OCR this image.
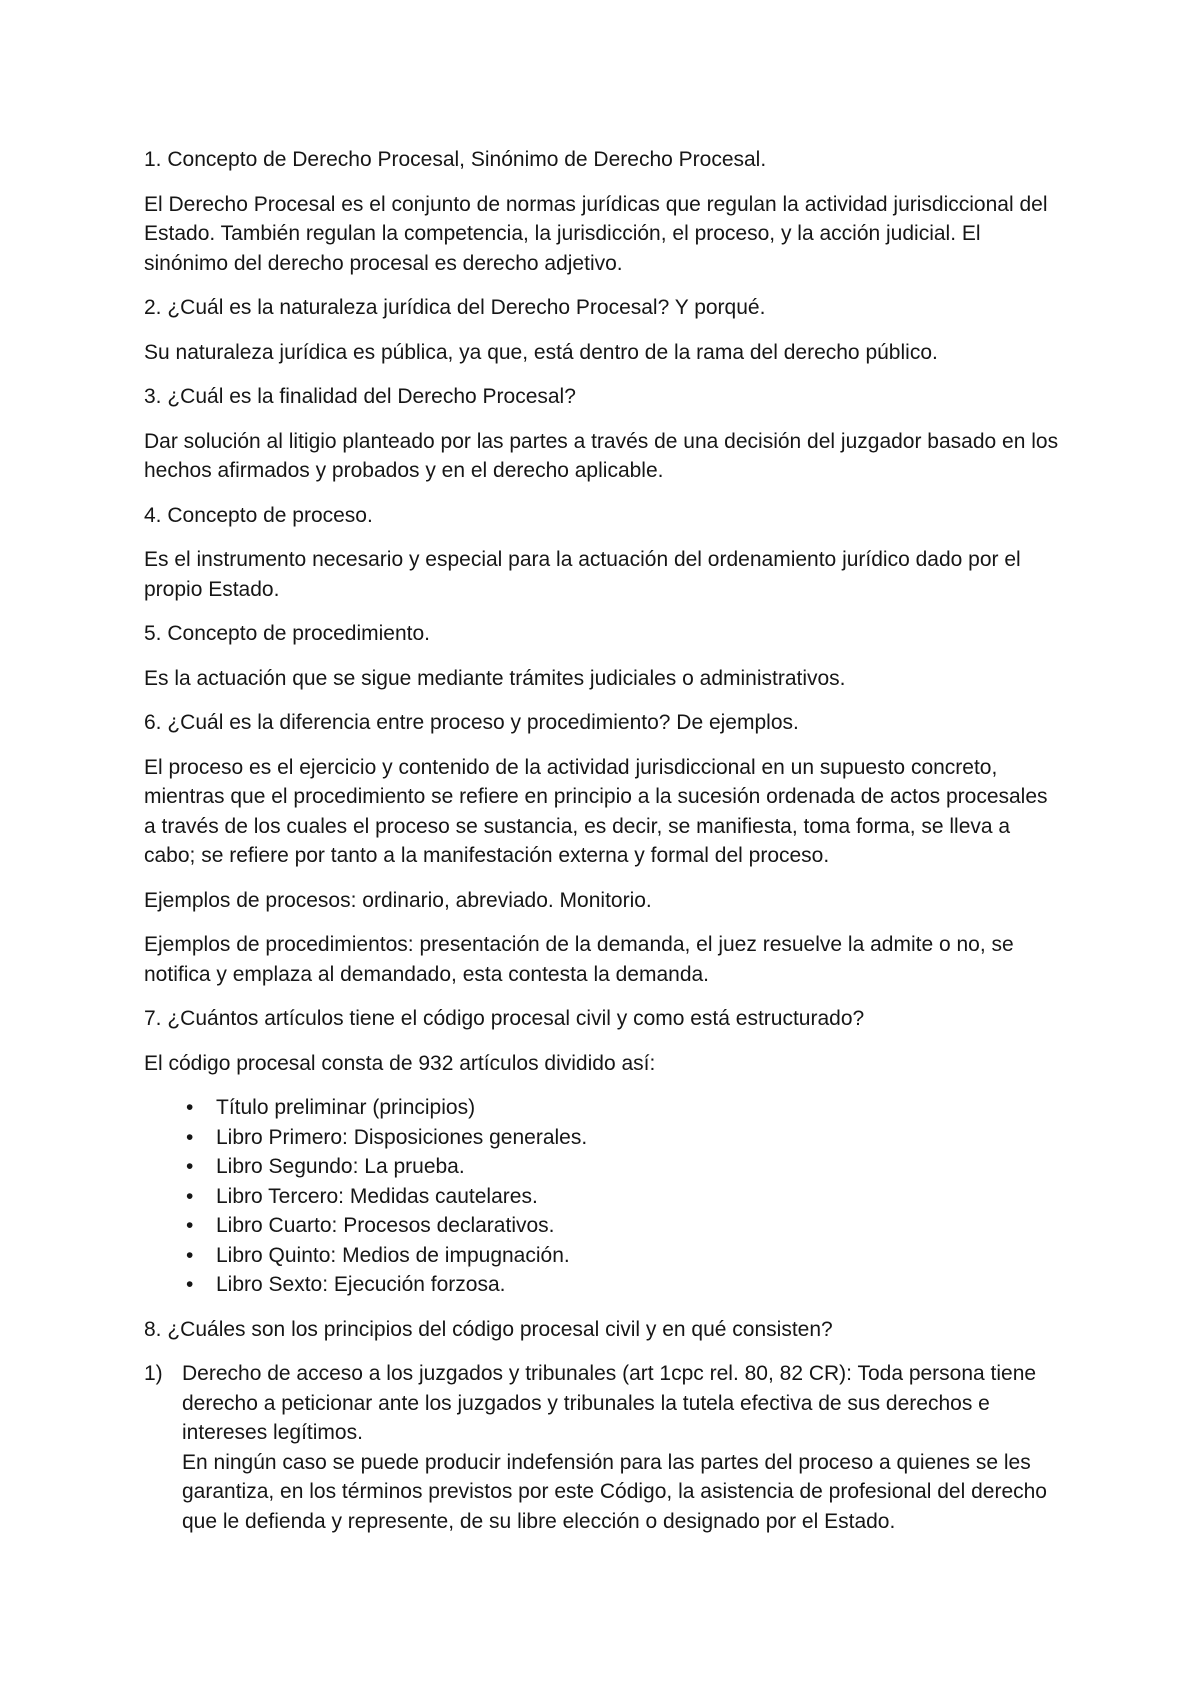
1. Concepto de Derecho Procesal, Sinónimo de Derecho Procesal.

El Derecho Procesal es el conjunto de normas jurídicas que regulan la actividad jurisdiccional del Estado. También regulan la competencia, la jurisdicción, el proceso, y la acción judicial. El sinónimo del derecho procesal es derecho adjetivo.

2. ¿Cuál es la naturaleza jurídica del Derecho Procesal? Y porqué.

Su naturaleza jurídica es pública, ya que, está dentro de la rama del derecho público.

3. ¿Cuál es la finalidad del Derecho Procesal?

Dar solución al litigio planteado por las partes a través de una decisión del juzgador basado en los hechos afirmados y probados y en el derecho aplicable.

4. Concepto de proceso.

Es el instrumento necesario y especial para la actuación del ordenamiento jurídico dado por el propio Estado.

5. Concepto de procedimiento.

Es la actuación que se sigue mediante trámites judiciales o administrativos.

6. ¿Cuál es la diferencia entre proceso y procedimiento? De ejemplos.

El proceso es el ejercicio y contenido de la actividad jurisdiccional en un supuesto concreto, mientras que el procedimiento se refiere en principio a la sucesión ordenada de actos procesales a través de los cuales el proceso se sustancia, es decir, se manifiesta, toma forma, se lleva a cabo; se refiere por tanto a la manifestación externa y formal del proceso.

Ejemplos de procesos: ordinario, abreviado. Monitorio.

Ejemplos de procedimientos: presentación de la demanda, el juez resuelve la admite o no, se notifica y emplaza al demandado, esta contesta la demanda.

7. ¿Cuántos artículos tiene el código procesal civil y como está estructurado?

El código procesal consta de 932 artículos dividido así:

• Título preliminar (principios)
• Libro Primero: Disposiciones generales.
• Libro Segundo: La prueba.
• Libro Tercero: Medidas cautelares.
• Libro Cuarto: Procesos declarativos.
• Libro Quinto: Medios de impugnación.
• Libro Sexto: Ejecución forzosa.

8. ¿Cuáles son los principios del código procesal civil y en qué consisten?

1) Derecho de acceso a los juzgados y tribunales (art 1cpc rel. 80, 82 CR): Toda persona tiene derecho a peticionar ante los juzgados y tribunales la tutela efectiva de sus derechos e intereses legítimos.
En ningún caso se puede producir indefensión para las partes del proceso a quienes se les garantiza, en los términos previstos por este Código, la asistencia de profesional del derecho que le defienda y represente, de su libre elección o designado por el Estado.
